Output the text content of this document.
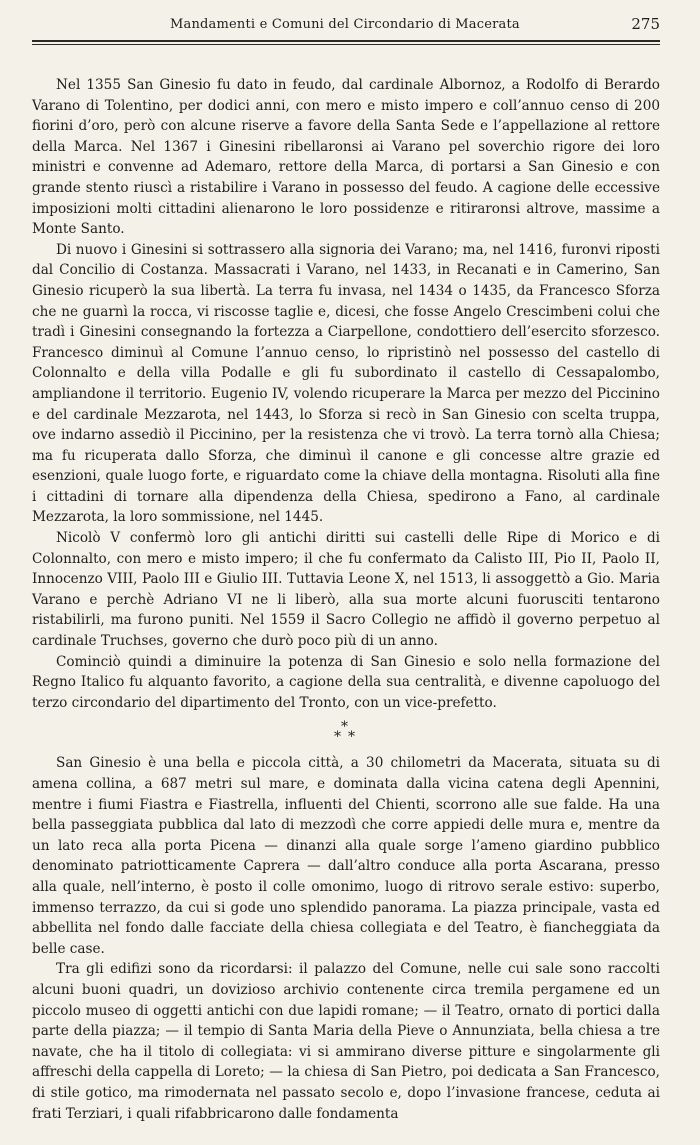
Mandamenti e Comuni del Circondario di Macerata	275

Nel 1355 San Ginesio fu dato in feudo, dal cardinale Albornoz, a Rodolfo di Berardo Varano di Tolentino, per dodici anni, con mero e misto impero e coll’annuo censo di 200 fiorini d’oro, però con alcune riserve a favore della Santa Sede e l’appellazione al rettore della Marca. Nel 1367 i Ginesini ribellaronsi ai Varano pel soverchio rigore dei loro ministri e convenne ad Ademaro, rettore della Marca, di portarsi a San Ginesio e con grande stento riuscì a ristabilire i Varano in possesso del feudo. A cagione delle eccessive imposizioni molti cittadini alienarono le loro possidenze e ritiraronsi altrove, massime a Monte Santo.

Di nuovo i Ginesini si sottrassero alla signoria dei Varano; ma, nel 1416, furonvi riposti dal Concilio di Costanza. Massacrati i Varano, nel 1433, in Recanati e in Camerino, San Ginesio ricuperò la sua libertà. La terra fu invasa, nel 1434 o 1435, da Francesco Sforza che ne guarnì la rocca, vi riscosse taglie e, dicesi, che fosse Angelo Crescimbeni colui che tradì i Ginesini consegnando la fortezza a Ciarpellone, condottiero dell’esercito sforzesco. Francesco diminuì al Comune l’annuo censo, lo ripristinò nel possesso del castello di Colonnalto e della villa Podalle e gli fu subordinato il castello di Cessapalombo, ampliandone il territorio. Eugenio IV, volendo ricuperare la Marca per mezzo del Piccinino e del cardinale Mezzarota, nel 1443, lo Sforza si recò in San Ginesio con scelta truppa, ove indarno assediò il Piccinino, per la resistenza che vi trovò. La terra tornò alla Chiesa; ma fu ricuperata dallo Sforza, che diminuì il canone e gli concesse altre grazie ed esenzioni, quale luogo forte, e riguardato come la chiave della montagna. Risoluti alla fine i cittadini di tornare alla dipendenza della Chiesa, spedirono a Fano, al cardinale Mezzarota, la loro sommissione, nel 1445.

Nicolò V confermò loro gli antichi diritti sui castelli delle Ripe di Morico e di Colonnalto, con mero e misto impero; il che fu confermato da Calisto III, Pio II, Paolo II, Innocenzo VIII, Paolo III e Giulio III. Tuttavia Leone X, nel 1513, li assoggettò a Gio. Maria Varano e perchè Adriano VI ne li liberò, alla sua morte alcuni fuorusciti tentarono ristabilirli, ma furono puniti. Nel 1559 il Sacro Collegio ne affidò il governo perpetuo al cardinale Truchses, governo che durò poco più di un anno.

Cominciò quindi a diminuire la potenza di San Ginesio e solo nella formazione del Regno Italico fu alquanto favorito, a cagione della sua centralità, e divenne capoluogo del terzo circondario del dipartimento del Tronto, con un vice-prefetto.

*
* *

San Ginesio è una bella e piccola città, a 30 chilometri da Macerata, situata su di amena collina, a 687 metri sul mare, e dominata dalla vicina catena degli Apennini, mentre i fiumi Fiastra e Fiastrella, influenti del Chienti, scorrono alle sue falde. Ha una bella passeggiata pubblica dal lato di mezzodì che corre appiedi delle mura e, mentre da un lato reca alla porta Picena — dinanzi alla quale sorge l’ameno giardino pubblico denominato patriotticamente Caprera — dall’altro conduce alla porta Ascarana, presso alla quale, nell’interno, è posto il colle omonimo, luogo di ritrovo serale estivo: superbo, immenso terrazzo, da cui si gode uno splendido panorama. La piazza principale, vasta ed abbellita nel fondo dalle facciate della chiesa collegiata e del Teatro, è fiancheggiata da belle case.

Tra gli edifizi sono da ricordarsi: il palazzo del Comune, nelle cui sale sono raccolti alcuni buoni quadri, un dovizioso archivio contenente circa tremila pergamene ed un piccolo museo di oggetti antichi con due lapidi romane; — il Teatro, ornato di portici dalla parte della piazza; — il tempio di Santa Maria della Pieve o Annunziata, bella chiesa a tre navate, che ha il titolo di collegiata: vi si ammirano diverse pitture e singolarmente gli affreschi della cappella di Loreto; — la chiesa di San Pietro, poi dedicata a San Francesco, di stile gotico, ma rimodernata nel passato secolo e, dopo l’invasione francese, ceduta ai frati Terziari, i quali rifabbricarono dalle fondamenta
